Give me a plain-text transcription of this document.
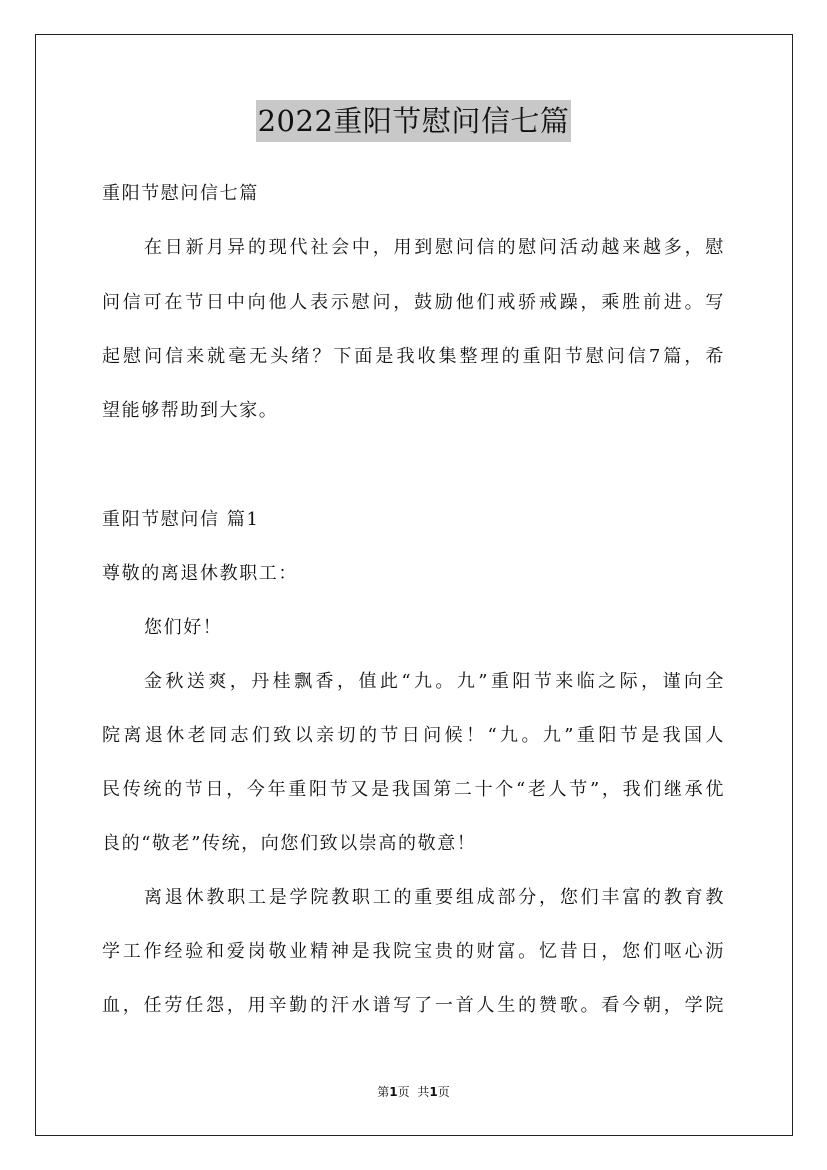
2022重阳节慰问信七篇
重阳节慰问信七篇
在日新月异的现代社会中，用到慰问信的慰问活动越来越多，慰
问信可在节日中向他人表示慰问，鼓励他们戒骄戒躁，乘胜前进。写
起慰问信来就毫无头绪？下面是我收集整理的重阳节慰问信7篇，希
望能够帮助到大家。
重阳节慰问信 篇1
尊敬的离退休教职工：
您们好！
金秋送爽，丹桂飘香，值此“九。九”重阳节来临之际，谨向全
院离退休老同志们致以亲切的节日问候！“九。九”重阳节是我国人
民传统的节日，今年重阳节又是我国第二十个“老人节”，我们继承优
良的“敬老”传统，向您们致以崇高的敬意！
离退休教职工是学院教职工的重要组成部分，您们丰富的教育教
学工作经验和爱岗敬业精神是我院宝贵的财富。忆昔日，您们呕心沥
血，任劳任怨，用辛勤的汗水谱写了一首人生的赞歌。看今朝，学院
第1页 共1页
